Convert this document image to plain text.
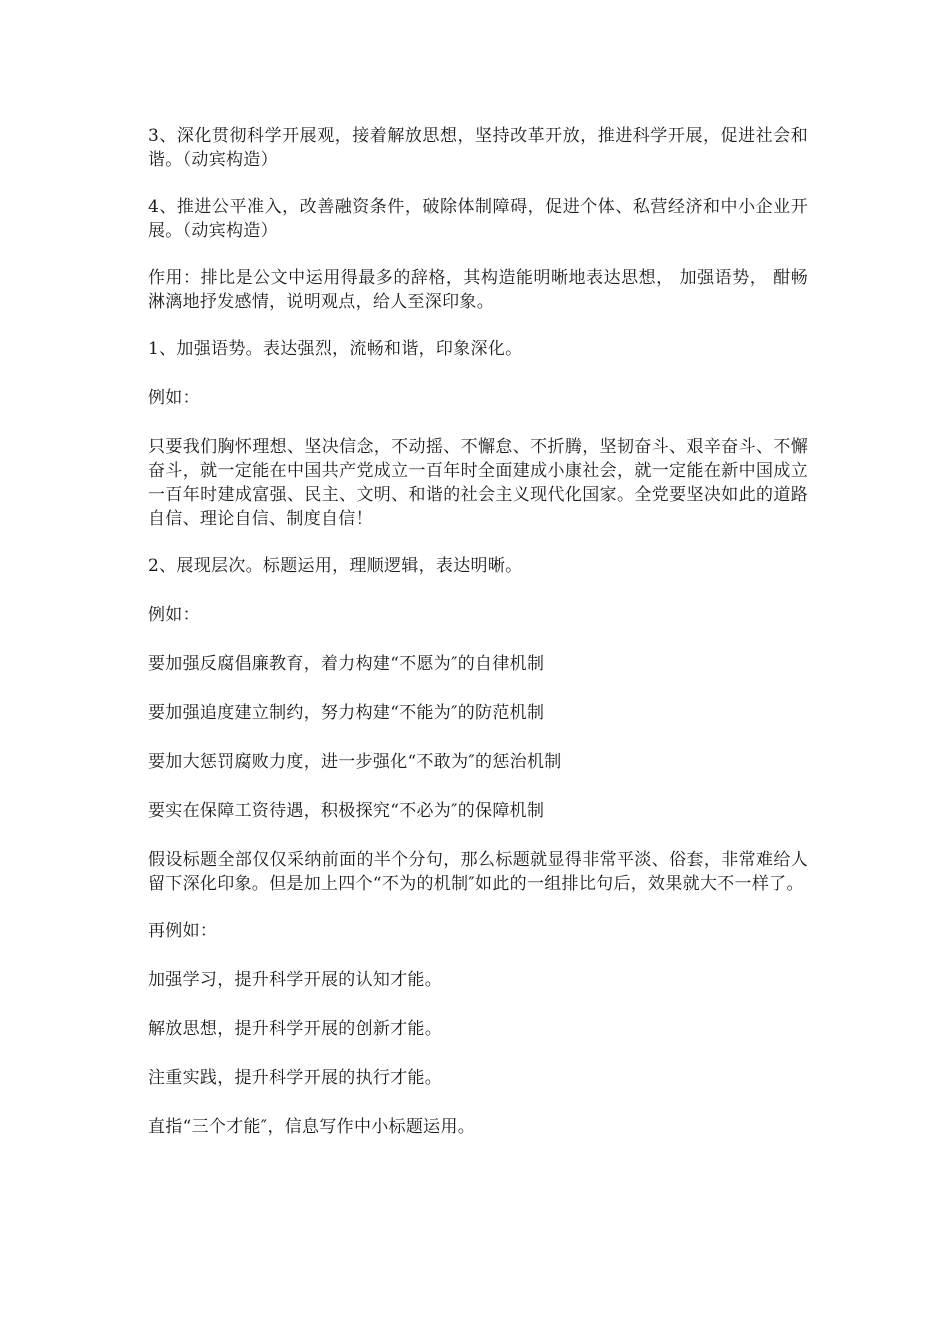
3、深化贯彻科学开展观，接着解放思想，坚持改革开放，推进科学开展，促进社会和谐。（动宾构造）

4、推进公平准入，改善融资条件，破除体制障碍，促进个体、私营经济和中小企业开展。（动宾构造）

作用：排比是公文中运用得最多的辞格，其构造能明晰地表达思想， 加强语势， 酣畅淋漓地抒发感情，说明观点，给人至深印象。

1、加强语势。表达强烈，流畅和谐，印象深化。

例如：

只要我们胸怀理想、坚决信念，不动摇、不懈怠、不折腾，坚韧奋斗、艰辛奋斗、不懈奋斗，就一定能在中国共产党成立一百年时全面建成小康社会，就一定能在新中国成立一百年时建成富强、民主、文明、和谐的社会主义现代化国家。全党要坚决如此的道路自信、理论自信、制度自信！

2、展现层次。标题运用，理顺逻辑，表达明晰。

例如：

要加强反腐倡廉教育，着力构建“不愿为″的自律机制

要加强追度建立制约，努力构建“不能为″的防范机制

要加大惩罚腐败力度，进一步强化“不敢为″的惩治机制

要实在保障工资待遇，积极探究“不必为″的保障机制

假设标题全部仅仅采纳前面的半个分句，那么标题就显得非常平淡、俗套，非常难给人留下深化印象。但是加上四个“不为的机制″如此的一组排比句后，效果就大不一样了。

再例如：

加强学习，提升科学开展的认知才能。

解放思想，提升科学开展的创新才能。

注重实践，提升科学开展的执行才能。

直指“三个才能″，信息写作中小标题运用。
